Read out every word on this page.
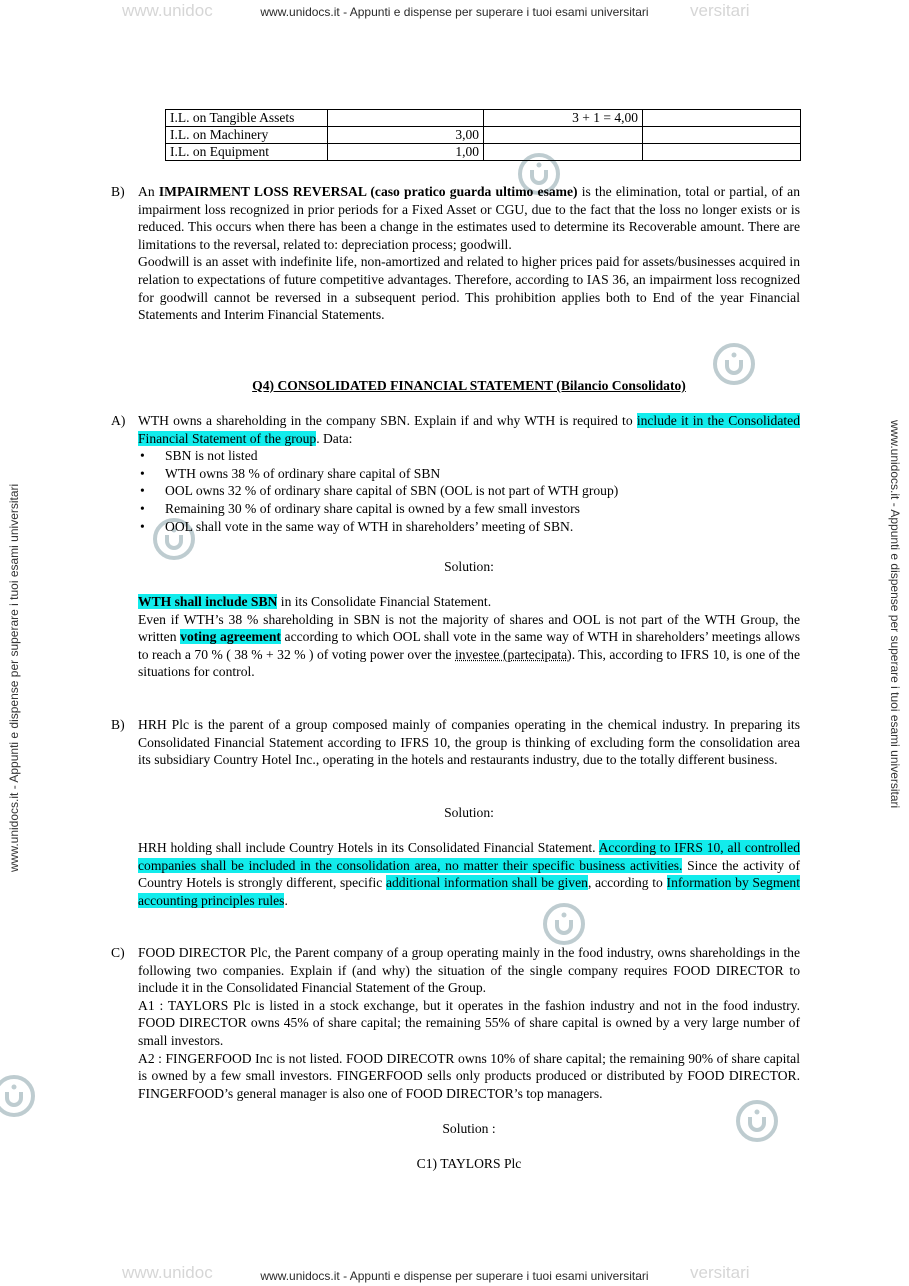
www.unidoc	versitari
www.unidoc	versitari
www.unidocs.it - Appunti e dispense per superare i tuoi esami universitari
www.unidocs.it - Appunti e dispense per superare i tuoi esami universitari
www.unidocs.it - Appunti e dispense per superare i tuoi esami universitari	www.unidocs.it - Appunti e dispense per superare i tuoi esami universitari
I.L. on Tangible Assets		3 + 1 = 4,00	
I.L. on Machinery	3,00		
I.L. on Equipment	1,00		
B) An IMPAIRMENT LOSS REVERSAL (caso pratico guarda ultimo esame) is the elimination, total or partial, of an impairment loss recognized in prior periods for a Fixed Asset or CGU, due to the fact that the loss no longer exists or is reduced. This occurs when there has been a change in the estimates used to determine its Recoverable amount. There are limitations to the reversal, related to: depreciation process; goodwill.

Goodwill is an asset with indefinite life, non-amortized and related to higher prices paid for assets/businesses acquired in relation to expectations of future competitive advantages. Therefore, according to IAS 36, an impairment loss recognized for goodwill cannot be reversed in a subsequent period. This prohibition applies both to End of the year Financial Statements and Interim Financial Statements.

Q4) CONSOLIDATED FINANCIAL STATEMENT (Bilancio Consolidato)
A) WTH owns a shareholding in the company SBN. Explain if and why WTH is required to include it in the Consolidated Financial Statement of the group. Data:

• SBN is not listed
• WTH owns 38 % of ordinary share capital of SBN
• OOL owns 32 % of ordinary share capital of SBN (OOL is not part of WTH group)
• Remaining 30 % of ordinary share capital is owned by a few small investors
• OOL shall vote in the same way of WTH in shareholders’ meeting of SBN.
Solution:

WTH shall include SBN in its Consolidate Financial Statement.

Even if WTH’s 38 % shareholding in SBN is not the majority of shares and OOL is not part of the WTH Group, the written voting agreement according to which OOL shall vote in the same way of WTH in shareholders’ meetings allows to reach a 70 % ( 38 % + 32 % ) of voting power over the investee (partecipata). This, according to IFRS 10, is one of the situations for control.

B) HRH Plc is the parent of a group composed mainly of companies operating in the chemical industry. In preparing its Consolidated Financial Statement according to IFRS 10, the group is thinking of excluding form the consolidation area its subsidiary Country Hotel Inc., operating in the hotels and restaurants industry, due to the totally different business.

Solution:

HRH holding shall include Country Hotels in its Consolidated Financial Statement. According to IFRS 10, all controlled companies shall be included in the consolidation area, no matter their specific business activities. Since the activity of Country Hotels is strongly different, specific additional information shall be given, according to Information by Segment accounting principles rules.

C) FOOD DIRECTOR Plc, the Parent company of a group operating mainly in the food industry, owns shareholdings in the following two companies. Explain if (and why) the situation of the single company requires FOOD DIRECTOR to include it in the Consolidated Financial Statement of the Group.

A1 : TAYLORS Plc is listed in a stock exchange, but it operates in the fashion industry and not in the food industry. FOOD DIRECTOR owns 45% of share capital; the remaining 55% of share capital is owned by a very large number of small investors.

A2 : FINGERFOOD Inc is not listed. FOOD DIRECOTR owns 10% of share capital; the remaining 90% of share capital is owned by a few small investors. FINGERFOOD sells only products produced or distributed by FOOD DIRECTOR. FINGERFOOD’s general manager is also one of FOOD DIRECTOR’s top managers.

Solution :
C1) TAYLORS Plc
